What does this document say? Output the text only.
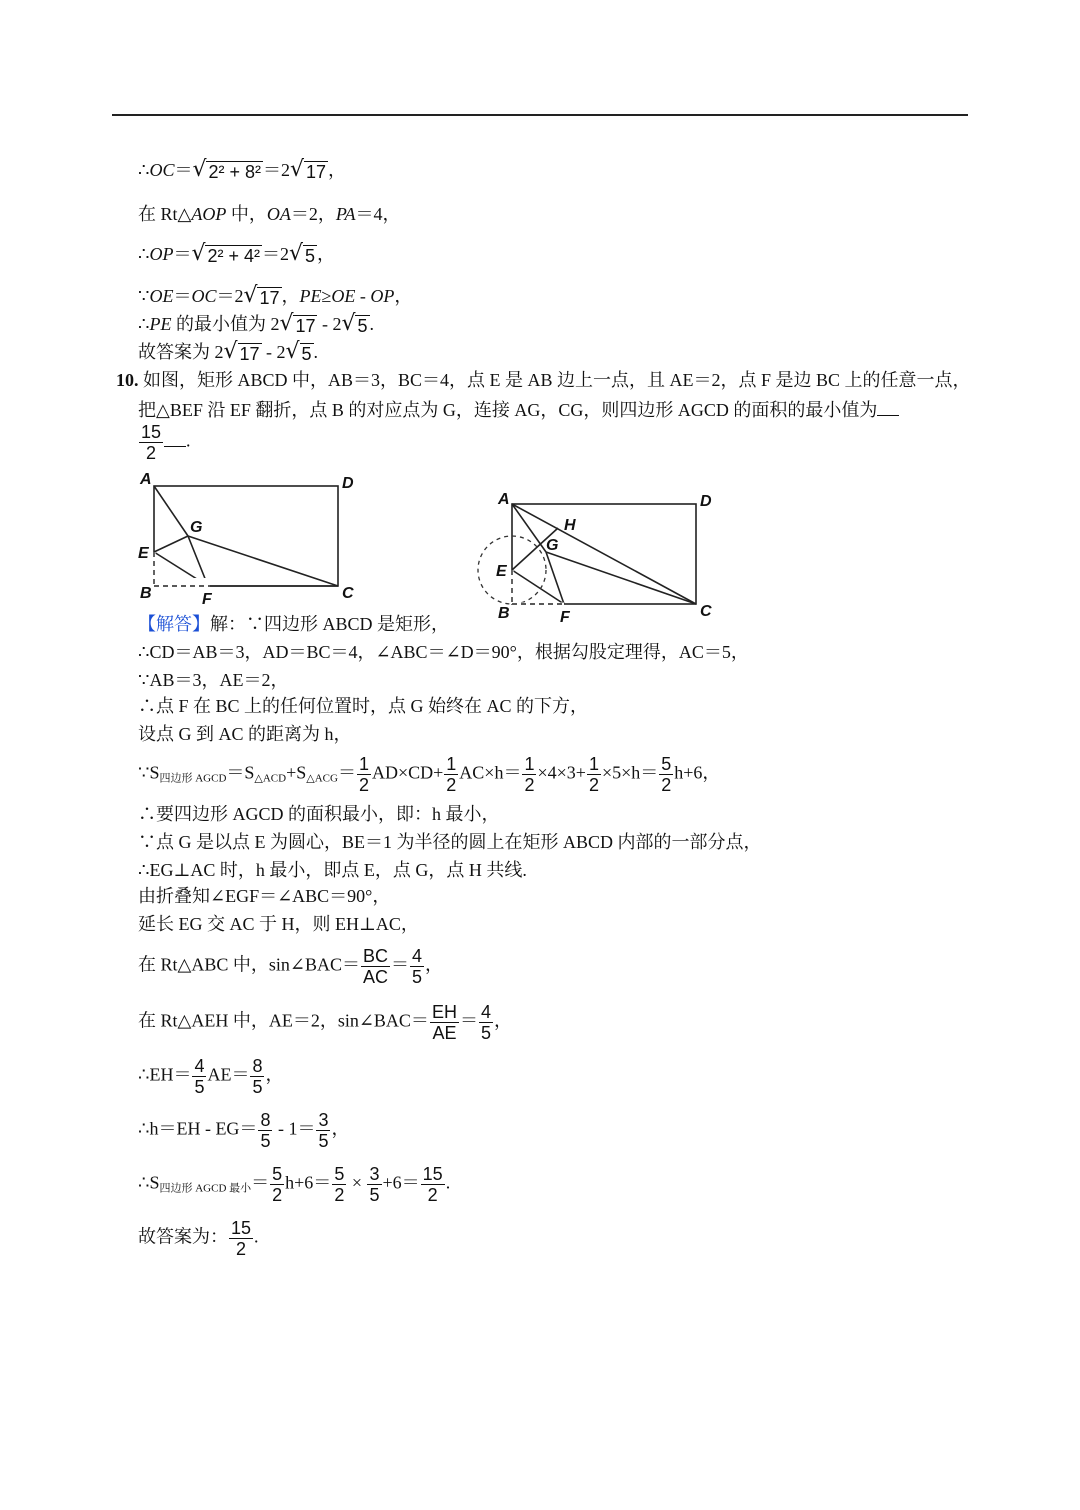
∴OC＝ √ 2² + 8² ＝2 √ 17 ，
在 Rt△AOP 中，OA＝2，PA＝4，
∴OP＝ √ 2² + 4² ＝2 √ 5 ，
∵OE＝OC＝2 √ 17 ，PE≥OE - OP，
∴PE 的最小值为 2 √ 17 - 2 √ 5 .
故答案为 2 √ 17 - 2 √ 5 .
10. 如图，矩形 ABCD 中，AB＝3，BC＝4，点 E 是 AB 边上一点，且 AE＝2，点 F 是边 BC 上的任意一点，
把△BEF 沿 EF 翻折，点 B 的对应点为 G，连接 AG，CG，则四边形 AGCD 的面积的最小值为
$\frac{15}{2}$ .
A	D
G
E
B	F	C
A	D
H
G
E
B	F	C
【解答】解：∵四边形 ABCD 是矩形，
∴CD＝AB＝3，AD＝BC＝4，∠ABC＝∠D＝90°，根据勾股定理得，AC＝5，
∵AB＝3，AE＝2，
∴点 F 在 BC 上的任何位置时，点 G 始终在 AC 的下方，
设点 G 到 AC 的距离为 h，
$\because S_{四边形 AGCD}=S_{\triangle ACD}+S_{\triangle ACG}= \frac{1}{2} AD\times CD+ \frac{1}{2} AC\times h= \frac{1}{2} \times 4\times 3+ \frac{1}{2} \times 5\times h= \frac{5}{2} h+6$，
∴要四边形 AGCD 的面积最小，即：h 最小，
∵点 G 是以点 E 为圆心，BE＝1 为半径的圆上在矩形 ABCD 内部的一部分点，
∴EG⊥AC 时，h 最小，即点 E，点 G，点 H 共线.
由折叠知∠EGF＝∠ABC＝90°，
延长 EG 交 AC 于 H，则 EH⊥AC，
在 Rt△ABC 中，sin∠BAC＝ $\frac{BC}{AC} = \frac{4}{5}$ ，
在 Rt△AEH 中，AE＝2，sin∠BAC＝ $\frac{EH}{AE} = \frac{4}{5}$ ，
∴EH＝ $\frac{4}{5} AE= \frac{8}{5}$ ，
∴h＝EH - $EG= \frac{8}{5} - 1= \frac{3}{5}$ ，
$\therefore S_{四边形 AGCD 最小}= \frac{5}{2} h+6= \frac{5}{2} \times \frac{3}{5} +6= \frac{15}{2}$ .
故答案为： $\frac{15}{2}$ .
